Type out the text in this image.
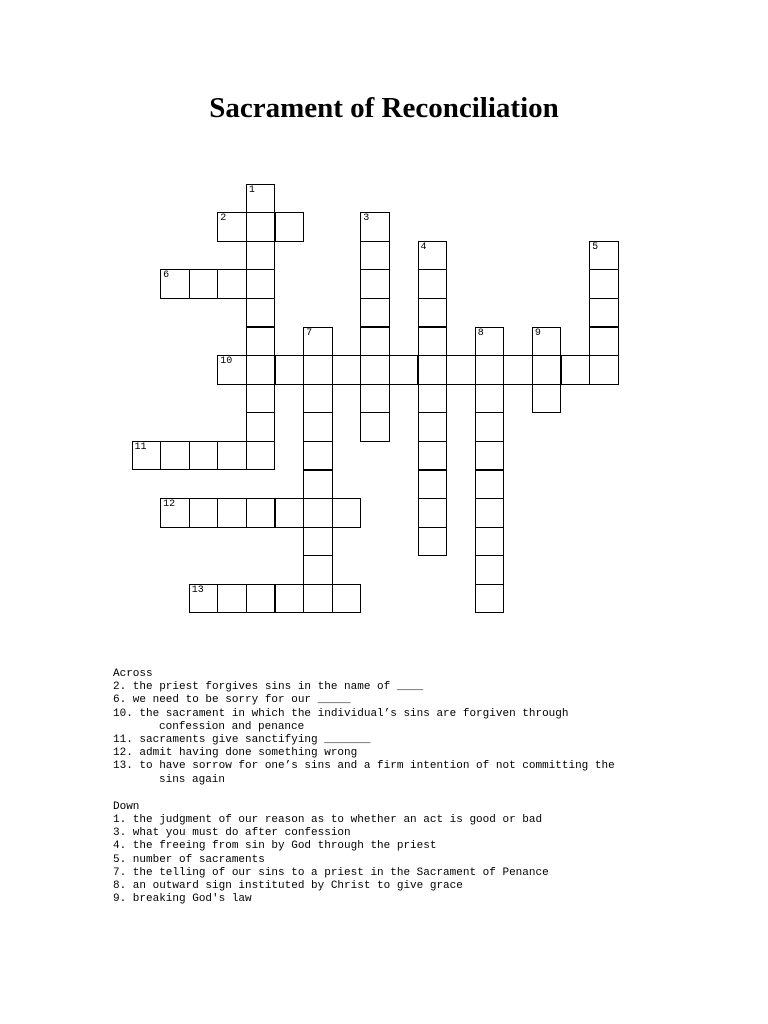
Sacrament of Reconciliation
2
6
10
11
12
13
1
3
4	5
7	8	9
Across
2. the priest forgives sins in the name of ____
6. we need to be sorry for our _____
10. the sacrament in which the individual’s sins are forgiven through
confession and penance
11. sacraments give sanctifying _______
12. admit having done something wrong
13. to have sorrow for one’s sins and a firm intention of not committing the
sins again
Down
1. the judgment of our reason as to whether an act is good or bad
3. what you must do after confession
4. the freeing from sin by God through the priest
5. number of sacraments
7. the telling of our sins to a priest in the Sacrament of Penance
8. an outward sign instituted by Christ to give grace
9. breaking God's law
